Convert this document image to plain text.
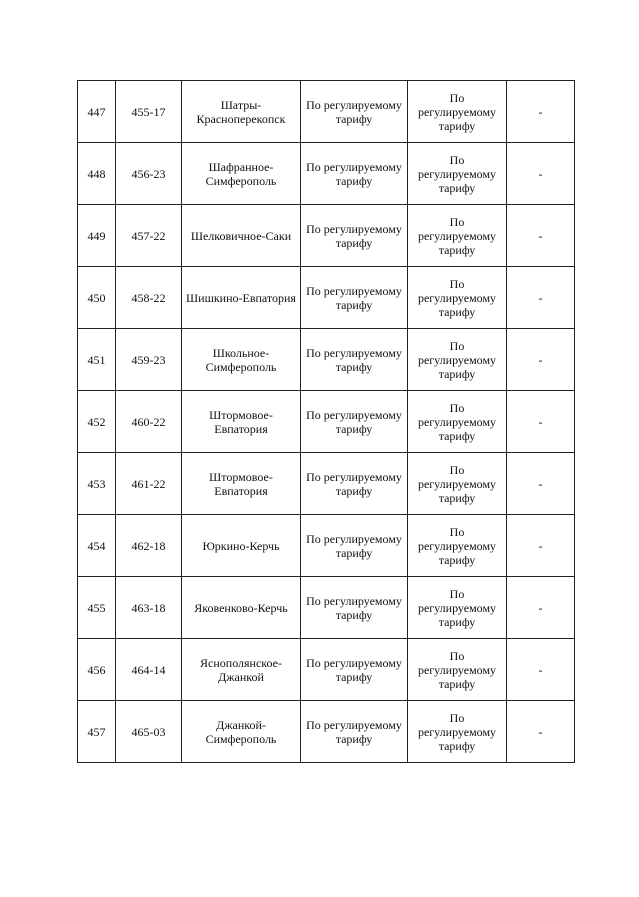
447	455-17	Шатры-
Красноперекопск	По регулируемому
тарифу	По
регулируемому
тарифу	-

448	456-23	Шафранное-
Симферополь	По регулируемому
тарифу	По
регулируемому
тарифу	-

449	457-22	Шелковичное-Саки	По регулируемому
тарифу	По
регулируемому
тарифу	-

450	458-22	Шишкино-Евпатория	По регулируемому
тарифу	По
регулируемому
тарифу	-

451	459-23	Школьное-
Симферополь	По регулируемому
тарифу	По
регулируемому
тарифу	-

452	460-22	Штормовое-
Евпатория	По регулируемому
тарифу	По
регулируемому
тарифу	-

453	461-22	Штормовое-
Евпатория	По регулируемому
тарифу	По
регулируемому
тарифу	-

454	462-18	Юркино-Керчь	По регулируемому
тарифу	По
регулируемому
тарифу	-

455	463-18	Яковенково-Керчь	По регулируемому
тарифу	По
регулируемому
тарифу	-

456	464-14	Яснополянское-
Джанкой	По регулируемому
тарифу	По
регулируемому
тарифу	-

457	465-03	Джанкой-
Симферополь	По регулируемому
тарифу	По
регулируемому
тарифу	-
